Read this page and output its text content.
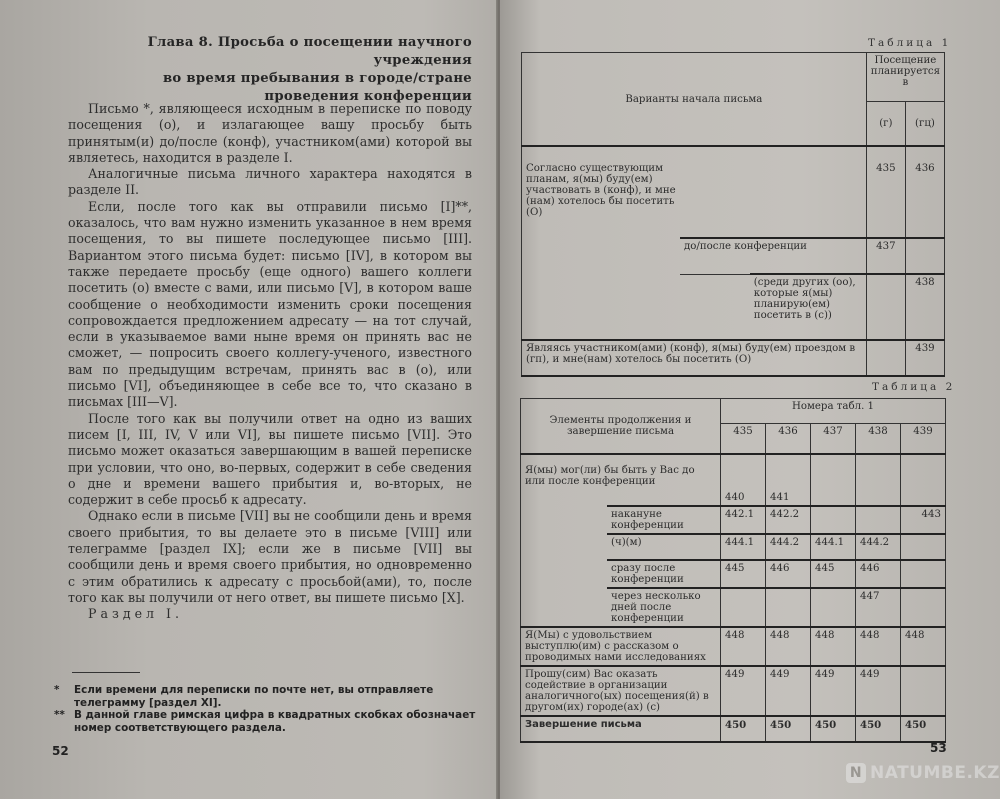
Глава 8. Просьба о посещении научного учреждения
во время пребывания в городе/стране
проведения конференции

Письмо *, являющееся исходным в переписке по поводу посещения (о), и излагающее вашу просьбу быть принятым(и) до/после (конф), участником(ами) которой вы являетесь, находится в разделе I.

Аналогичные письма личного характера находятся в разделе II.

Если, после того как вы отправили письмо [I]**, оказалось, что вам нужно изменить указанное в нем время посещения, то вы пишете последующее письмо [III]. Вариантом этого письма будет: письмо [IV], в котором вы также передаете просьбу (еще одного) вашего коллеги посетить (о) вместе с вами, или письмо [V], в котором ваше сообщение о необходимости изменить сроки посещения сопровождается предложением адресату — на тот случай, если в указываемое вами ныне время он принять вас не сможет, — попросить своего коллегу-ученого, известного вам по предыдущим встречам, принять вас в (о), или письмо [VI], объединяющее в себе все то, что сказано в письмах [III—V].

После того как вы получили ответ на одно из ваших писем [I, III, IV, V или VI], вы пишете письмо [VII]. Это письмо может оказаться завершающим в вашей переписке при условии, что оно, во-первых, содержит в себе сведения о дне и времени вашего прибытия и, во-вторых, не содержит в себе просьб к адресату.

Однако если в письме [VII] вы не сообщили день и время своего прибытия, то вы делаете это в письме [VIII] или телеграмме [раздел IX]; если же в письме [VII] вы сообщили день и время своего прибытия, но одновременно с этим обратились к адресату с просьбой(ами), то, после того как вы получили от него ответ, вы пишете письмо [X].

Раздел I.

* Если времени для переписки по почте нет, вы отправляете телеграмму [раздел XI].
** В данной главе римская цифра в квадратных скобках обозначает номер соответствующего раздела.
52
Таблица 1
Варианты начала письма			Посещение планируется в	
			(г)	(гц)

Согласно существующим планам, я(мы) буду(ем) участвовать в (конф), и мне (нам) хотелось бы посетить (О)			435	436
	до/после конференции		437	
		(среди других (оо), которые я(мы) планирую(ем) посетить в (с))		438
Являясь участником(ами) (конф), я(мы) буду(ем) проездом в (гп), и мне(нам) хотелось бы посетить (О)				439
Таблица 2
Элементы продолжения и завершение письма		Номера табл. 1				
		435	436	437	438	439
Я(мы) мог(ли) бы быть у Вас до или после конференции		440	441			
	накануне конференции	442.1	442.2			443
	(ч)(м)	444.1	444.2	444.1	444.2	
	сразу после конференции	445	446	445	446	
	через несколько дней после конференции				447	
Я(Мы) с удовольствием выступлю(им) с рассказом о проводимых нами исследованиях		448	448	448	448	448
Прошу(сим) Вас оказать содействие в организации аналогичного(ых) посещения(й) в другом(их) городе(ах) (с)		449	449	449	449	
Завершение письма		450	450	450	450	450
53
N NATUMBE.KZ
